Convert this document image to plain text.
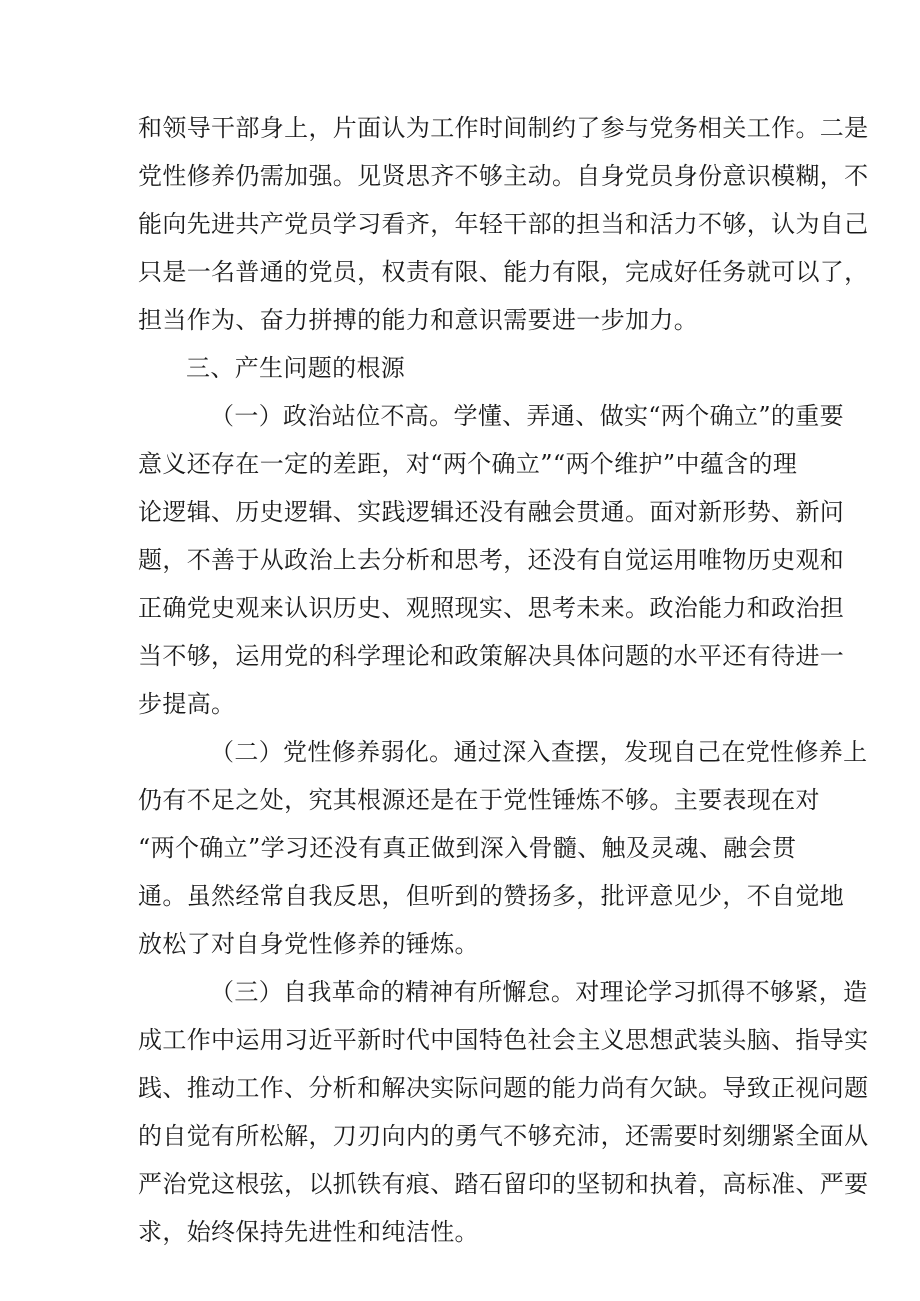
和领导干部身上，片面认为工作时间制约了参与党务相关工作。二是
党性修养仍需加强。见贤思齐不够主动。自身党员身份意识模糊，不
能向先进共产党员学习看齐，年轻干部的担当和活力不够，认为自己
只是一名普通的党员，权责有限、能力有限，完成好任务就可以了，
担当作为、奋力拼搏的能力和意识需要进一步加力。
三、产生问题的根源
（一）政治站位不高。学懂、弄通、做实“两个确立”的重要
意义还存在一定的差距，对“两个确立”“两个维护”中蕴含的理
论逻辑、历史逻辑、实践逻辑还没有融会贯通。面对新形势、新问
题，不善于从政治上去分析和思考，还没有自觉运用唯物历史观和
正确党史观来认识历史、观照现实、思考未来。政治能力和政治担
当不够，运用党的科学理论和政策解决具体问题的水平还有待进一
步提高。
（二）党性修养弱化。通过深入查摆，发现自己在党性修养上
仍有不足之处，究其根源还是在于党性锤炼不够。主要表现在对
“两个确立”学习还没有真正做到深入骨髓、触及灵魂、融会贯
通。虽然经常自我反思，但听到的赞扬多，批评意见少，不自觉地
放松了对自身党性修养的锤炼。
（三）自我革命的精神有所懈怠。对理论学习抓得不够紧，造
成工作中运用习近平新时代中国特色社会主义思想武装头脑、指导实
践、推动工作、分析和解决实际问题的能力尚有欠缺。导致正视问题
的自觉有所松解，刀刃向内的勇气不够充沛，还需要时刻绷紧全面从
严治党这根弦，以抓铁有痕、踏石留印的坚韧和执着，高标准、严要
求，始终保持先进性和纯洁性。
